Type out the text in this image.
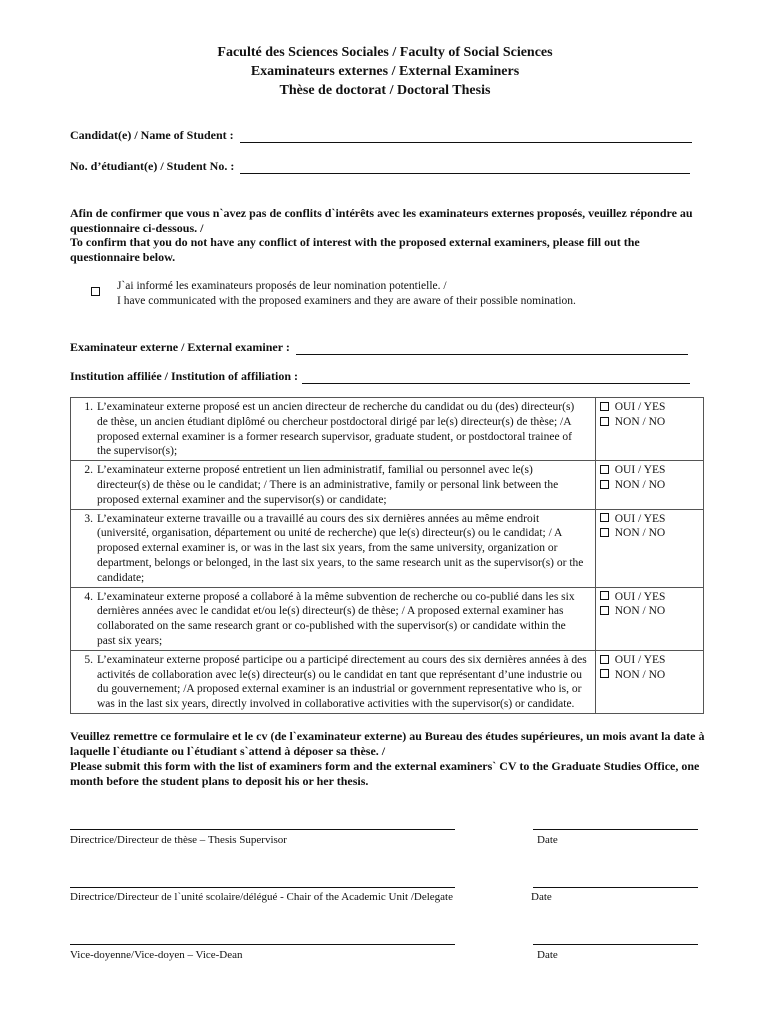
Faculté des Sciences Sociales / Faculty of Social Sciences
Examinateurs externes / External Examiners
Thèse de doctorat / Doctoral Thesis
Candidat(e) / Name of Student :
No. d’étudiant(e) / Student No. :
Afin de confirmer que vous n`avez pas de conflits d`intérêts avec les examinateurs externes proposés, veuillez répondre au questionnaire ci-dessous. /
To confirm that you do not have any conflict of interest with the proposed external examiners, please fill out the questionnaire below.
J`ai informé les examinateurs proposés de leur nomination potentielle. /
I have communicated with the proposed examiners and they are aware of their possible nomination.
Examinateur externe / External examiner :
Institution affiliée / Institution of affiliation :
1. L’examinateur externe proposé est un ancien directeur de recherche du candidat ou du (des) directeur(s) de thèse, un ancien étudiant diplômé ou chercheur postdoctoral dirigé par le(s) directeur(s) de thèse; /A proposed external examiner is a former research supervisor, graduate student, or postdoctoral trainee of the supervisor(s);	OUI / YES
NON / NO

2. L’examinateur externe proposé entretient un lien administratif, familial ou personnel avec le(s) directeur(s) de thèse ou le candidat; / There is an administrative, family or personal link between the proposed external examiner and the supervisor(s) or candidate;	OUI / YES
NON / NO

3. L’examinateur externe travaille ou a travaillé au cours des six dernières années au même endroit (université, organisation, département ou unité de recherche) que le(s) directeur(s) ou le candidat; / A proposed external examiner is, or was in the last six years, from the same university, organization or department, belongs or belonged, in the last six years, to the same research unit as the supervisor(s) or the candidate;	OUI / YES
NON / NO

4. L’examinateur externe proposé a collaboré à la même subvention de recherche ou co-publié dans les six dernières années avec le candidat et/ou le(s) directeur(s) de thèse; / A proposed external examiner has collaborated on the same research grant or co-published with the supervisor(s) or candidate within the past six years;	OUI / YES
NON / NO

5. L’examinateur externe proposé participe ou a participé directement au cours des six dernières années à des activités de collaboration avec le(s) directeur(s) ou le candidat en tant que représentant d’une industrie ou du gouvernement; /A proposed external examiner is an industrial or government representative who is, or was in the last six years, directly involved in collaborative activities with the supervisor(s) or candidate.	OUI / YES
NON / NO
Veuillez remettre ce formulaire et le cv (de l`examinateur externe) au Bureau des études supérieures, un mois avant la date à laquelle l`étudiante ou l`étudiant s`attend à déposer sa thèse. /
Please submit this form with the list of examiners form and the external examiners` CV to the Graduate Studies Office, one month before the student plans to deposit his or her thesis.
Directrice/Directeur de thèse – Thesis Supervisor	Date
Directrice/Directeur de l`unité scolaire/délégué - Chair of the Academic Unit /Delegate	Date
Vice-doyenne/Vice-doyen – Vice-Dean	Date
